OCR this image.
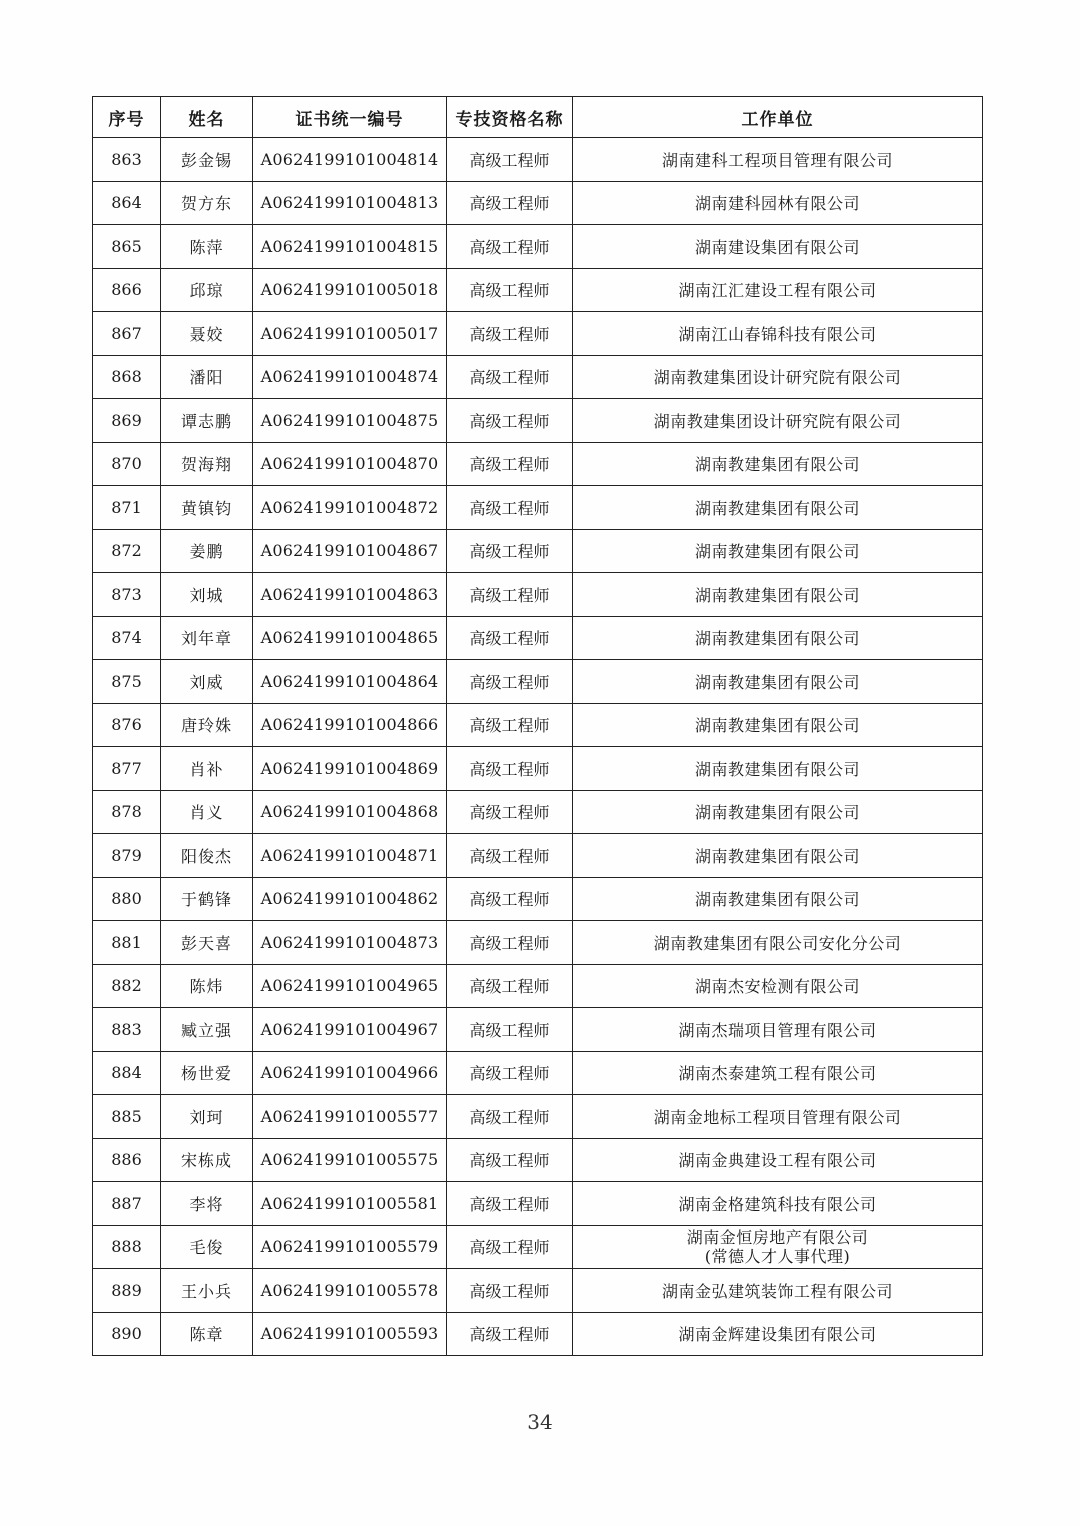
序号	姓名	证书统一编号	专技资格名称	工作单位
863	彭金锡	A0624199101004814	高级工程师	湖南建科工程项目管理有限公司
864	贺方东	A0624199101004813	高级工程师	湖南建科园林有限公司
865	陈萍	A0624199101004815	高级工程师	湖南建设集团有限公司
866	邱琼	A0624199101005018	高级工程师	湖南江汇建设工程有限公司
867	聂姣	A0624199101005017	高级工程师	湖南江山春锦科技有限公司
868	潘阳	A0624199101004874	高级工程师	湖南教建集团设计研究院有限公司
869	谭志鹏	A0624199101004875	高级工程师	湖南教建集团设计研究院有限公司
870	贺海翔	A0624199101004870	高级工程师	湖南教建集团有限公司
871	黄镇钧	A0624199101004872	高级工程师	湖南教建集团有限公司
872	姜鹏	A0624199101004867	高级工程师	湖南教建集团有限公司
873	刘城	A0624199101004863	高级工程师	湖南教建集团有限公司
874	刘年章	A0624199101004865	高级工程师	湖南教建集团有限公司
875	刘威	A0624199101004864	高级工程师	湖南教建集团有限公司
876	唐玲姝	A0624199101004866	高级工程师	湖南教建集团有限公司
877	肖补	A0624199101004869	高级工程师	湖南教建集团有限公司
878	肖义	A0624199101004868	高级工程师	湖南教建集团有限公司
879	阳俊杰	A0624199101004871	高级工程师	湖南教建集团有限公司
880	于鹤锋	A0624199101004862	高级工程师	湖南教建集团有限公司
881	彭天喜	A0624199101004873	高级工程师	湖南教建集团有限公司安化分公司
882	陈炜	A0624199101004965	高级工程师	湖南杰安检测有限公司
883	臧立强	A0624199101004967	高级工程师	湖南杰瑞项目管理有限公司
884	杨世爱	A0624199101004966	高级工程师	湖南杰泰建筑工程有限公司
885	刘珂	A0624199101005577	高级工程师	湖南金地标工程项目管理有限公司
886	宋栋成	A0624199101005575	高级工程师	湖南金典建设工程有限公司
887	李将	A0624199101005581	高级工程师	湖南金格建筑科技有限公司
888	毛俊	A0624199101005579	高级工程师	湖南金恒房地产有限公司
(常德人才人事代理)

889	王小兵	A0624199101005578	高级工程师	湖南金弘建筑装饰工程有限公司
890	陈章	A0624199101005593	高级工程师	湖南金辉建设集团有限公司
34
